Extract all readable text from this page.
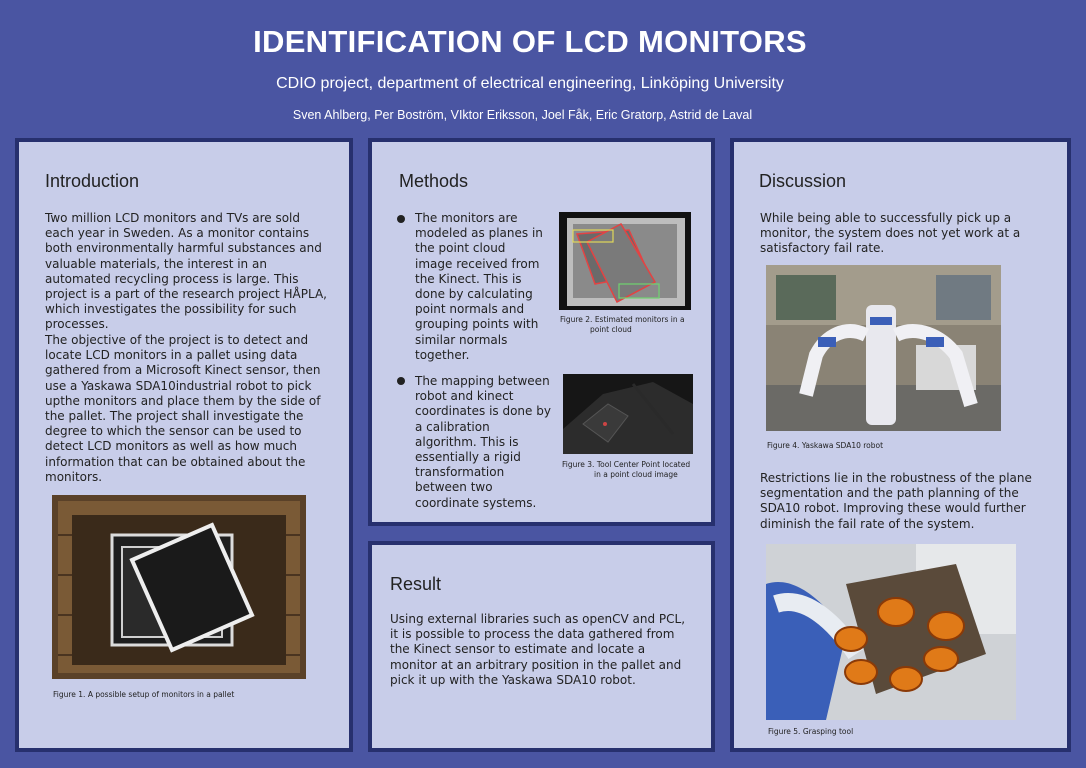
IDENTIFICATION OF LCD MONITORS
CDIO project, department of electrical engineering, Linköping University
Sven Ahlberg, Per Boström, VIktor Eriksson, Joel Fåk, Eric Gratorp, Astrid de Laval
Introduction
Two million LCD monitors and TVs are sold each year in Sweden. As a monitor contains both environmentally harmful substances and valuable materials, the interest in an automated recycling process is large. This project is a part of the research project HÅPLA, which investigates the possibility for such processes.
The objective of the project is to detect and locate LCD monitors in a pallet using data gathered from a Microsoft Kinect sensor, then use a Yaskawa SDA10industrial robot to pick upthe monitors and place them by the side of the pallet. The project shall investigate the degree to which the sensor can be used to detect LCD monitors as well as how much information that can be obtained about the monitors.
Figure 1. A possible setup of monitors in a pallet
Methods
The monitors are modeled as planes in the point cloud image received from the Kinect. This is done by calculating point normals and grouping points with similar normals together.
Figure 2. Estimated monitors in a
point cloud
The mapping between robot and kinect coordinates is done by a calibration algorithm. This is essentially a rigid transformation between two coordinate systems.
Figure 3. Tool Center Point located
in a point cloud image
Result
Using external libraries such as openCV and PCL, it is possible to process the data gathered from the Kinect sensor to estimate and locate a monitor at an arbitrary position in the pallet and pick it up with the Yaskawa SDA10 robot.
Discussion
While being able to successfully pick up a monitor, the system does not yet work at a satisfactory fail rate.
Figure 4. Yaskawa SDA10 robot
Restrictions lie in the robustness of the plane segmentation and the path planning of the SDA10 robot. Improving these would further diminish the fail rate of the system.
Figure 5. Grasping tool
